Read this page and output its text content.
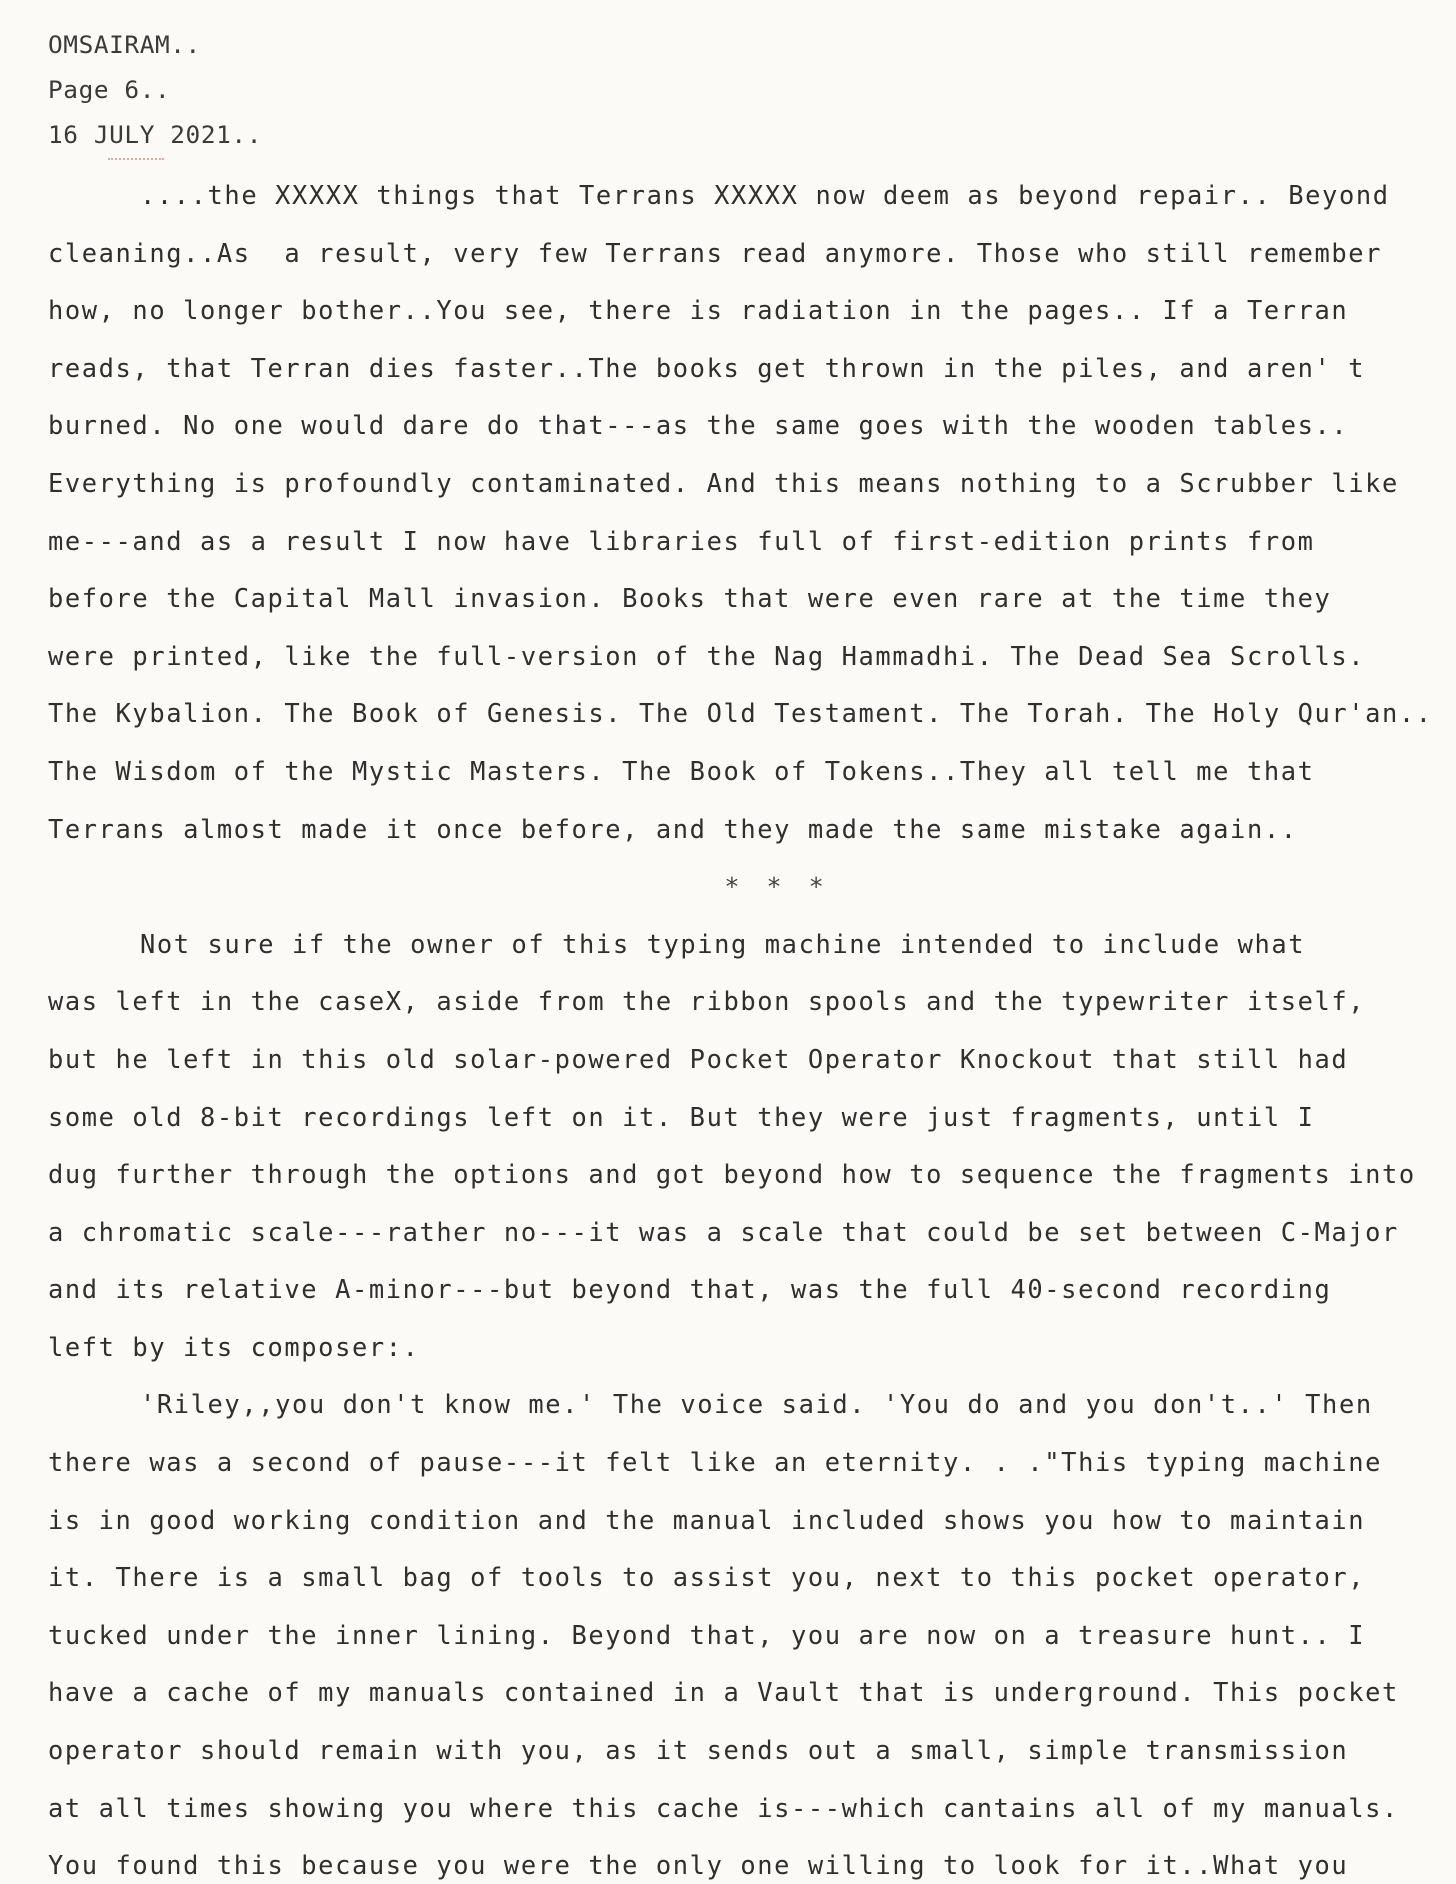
OMSAIRAM..
Page 6..
16 JULY 2021..
....the XXXXX things that Terrans XXXXX now deem as beyond repair.. Beyond
cleaning..As  a result, very few Terrans read anymore. Those who still remember
how, no longer bother..You see, there is radiation in the pages.. If a Terran
reads, that Terran dies faster..The books get thrown in the piles, and aren' t
burned. No one would dare do that---as the same goes with the wooden tables..
Everything is profoundly contaminated. And this means nothing to a Scrubber like
me---and as a result I now have libraries full of first-edition prints from
before the Capital Mall invasion. Books that were even rare at the time they
were printed, like the full-version of the Nag Hammadhi. The Dead Sea Scrolls.
The Kybalion. The Book of Genesis. The Old Testament. The Torah. The Holy Qur'an..
The Wisdom of the Mystic Masters. The Book of Tokens..They all tell me that
Terrans almost made it once before, and they made the same mistake again..
* * *
Not sure if the owner of this typing machine intended to include what
was left in the caseX, aside from the ribbon spools and the typewriter itself,
but he left in this old solar-powered Pocket Operator Knockout that still had
some old 8-bit recordings left on it. But they were just fragments, until I
dug further through the options and got beyond how to sequence the fragments into
a chromatic scale---rather no---it was a scale that could be set between C-Major
and its relative A-minor---but beyond that, was the full 40-second recording
left by its composer:.
'Riley,,you don't know me.' The voice said. 'You do and you don't..' Then
there was a second of pause---it felt like an eternity. . ."This typing machine
is in good working condition and the manual included shows you how to maintain
it. There is a small bag of tools to assist you, next to this pocket operator,
tucked under the inner lining. Beyond that, you are now on a treasure hunt.. I
have a cache of my manuals contained in a Vault that is underground. This pocket
operator should remain with you, as it sends out a small, simple transmission
at all times showing you where this cache is---which cantains all of my manuals.
You found this because you were the only one willing to look for it..What you
